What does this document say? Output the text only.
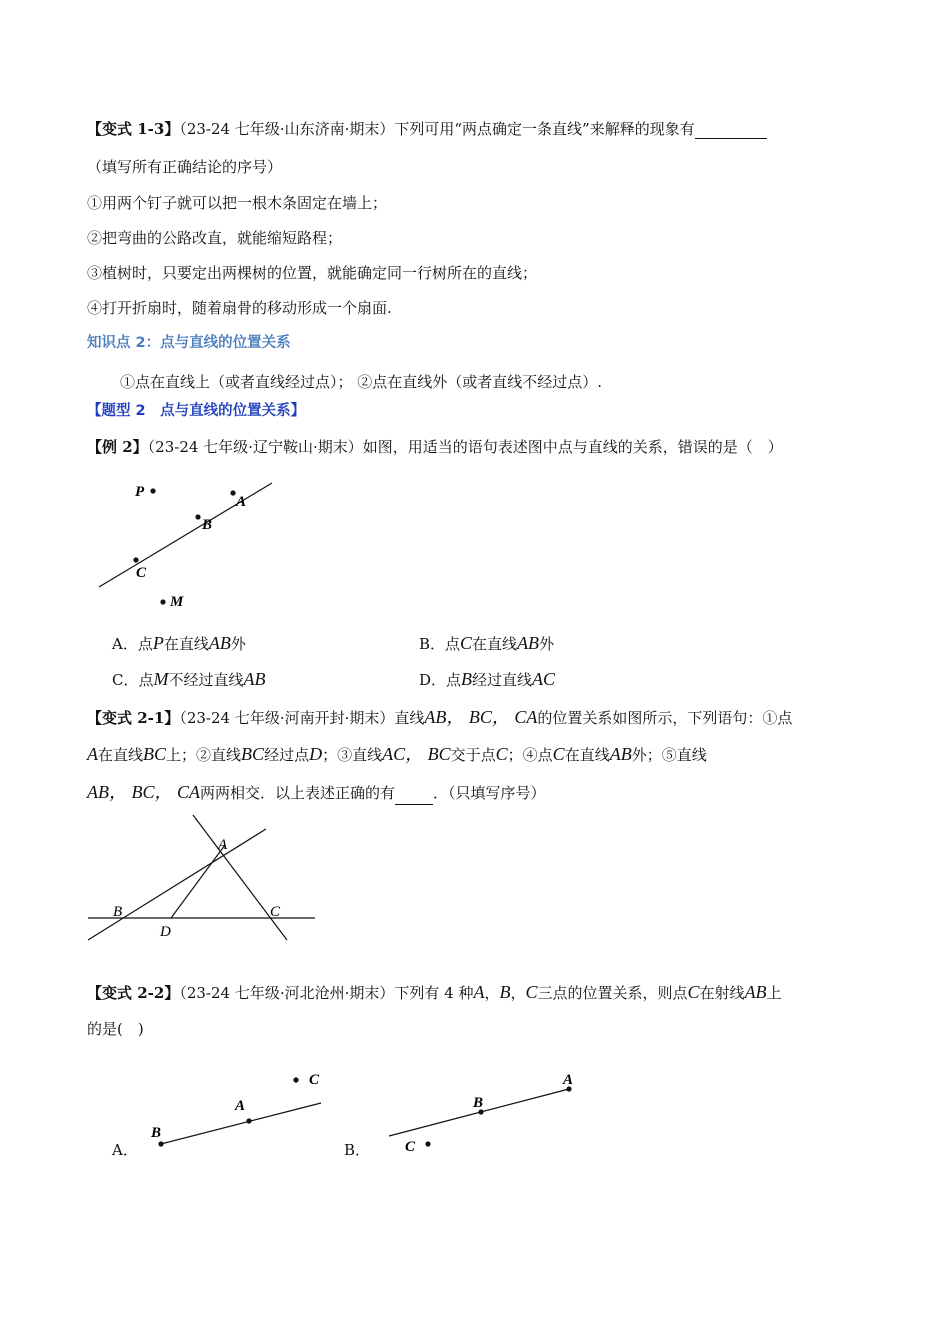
【变式 1-3】（23-24 七年级·山东济南·期末）下列可用“两点确定一条直线”来解释的现象有
（填写所有正确结论的序号）
①用两个钉子就可以把一根木条固定在墙上；
②把弯曲的公路改直，就能缩短路程；
③植树时，只要定出两棵树的位置，就能确定同一行树所在的直线；
④打开折扇时，随着扇骨的移动形成一个扇面.
知识点 2：点与直线的位置关系
①点在直线上（或者直线经过点）； ②点在直线外（或者直线不经过点）.
【题型 2　点与直线的位置关系】
【例 2】（23-24 七年级·辽宁鞍山·期末）如图，用适当的语句表述图中点与直线的关系，错误的是（　）
P
A
B
C
M
A．点P在直线AB外	B．点C在直线AB外
C．点M不经过直线AB	D．点B经过直线AC
【变式 2-1】（23-24 七年级·河南开封·期末）直线AB， BC， CA的位置关系如图所示，下列语句：①点
A在直线BC上；②直线BC经过点D；③直线AC， BC交于点C；④点C在直线AB外；⑤直线
AB， BC， CA两两相交．以上表述正确的有	．（只填写序号）
A
B	C
D
【变式 2-2】（23-24 七年级·河北沧州·期末）下列有 4 种A，B，C三点的位置关系，则点C在射线AB上
的是(　)
A．
B
A
C
B．
A
B
C
